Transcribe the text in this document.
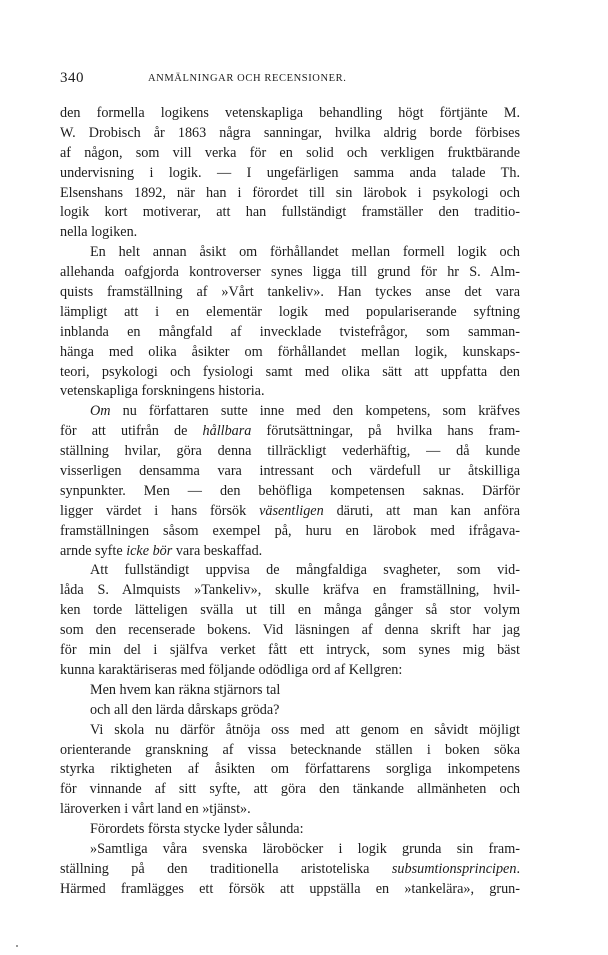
340	ANMÄLNINGAR OCH RECENSIONER.
den formella logikens vetenskapliga behandling högt förtjänte M.
W. Drobisch år 1863 några sanningar, hvilka aldrig borde förbises
af någon, som vill verka för en solid och verkligen fruktbärande
undervisning i logik. — I ungefärligen samma anda talade Th.
Elsenshans 1892, när han i förordet till sin lärobok i psykologi och
logik kort motiverar, att han fullständigt framställer den traditio-
nella logiken.
En helt annan åsikt om förhållandet mellan formell logik och
allehanda oafgjorda kontroverser synes ligga till grund för hr S. Alm-
quists framställning af »Vårt tankeliv». Han tyckes anse det vara
lämpligt att i en elementär logik med populariserande syftning
inblanda en mångfald af invecklade tvistefrågor, som samman-
hänga med olika åsikter om förhållandet mellan logik, kunskaps-
teori, psykologi och fysiologi samt med olika sätt att uppfatta den
vetenskapliga forskningens historia.
Om nu författaren sutte inne med den kompetens, som kräfves
för att utifrån de hållbara förutsättningar, på hvilka hans fram-
ställning hvilar, göra denna tillräckligt vederhäftig, — då kunde
visserligen densamma vara intressant och värdefull ur åtskilliga
synpunkter. Men — den behöfliga kompetensen saknas. Därför
ligger värdet i hans försök väsentligen däruti, att man kan anföra
framställningen såsom exempel på, huru en lärobok med ifrågava-
arnde syfte icke bör vara beskaffad.
Att fullständigt uppvisa de mångfaldiga svagheter, som vid-
låda S. Almquists »Tankeliv», skulle kräfva en framställning, hvil-
ken torde lätteligen svälla ut till en många gånger så stor volym
som den recenserade bokens. Vid läsningen af denna skrift har jag
för min del i själfva verket fått ett intryck, som synes mig bäst
kunna karaktäriseras med följande odödliga ord af Kellgren:
Men hvem kan räkna stjärnors tal
och all den lärda dårskaps gröda?
Vi skola nu därför åtnöja oss med att genom en såvidt möjligt
orienterande granskning af vissa betecknande ställen i boken söka
styrka riktigheten af åsikten om författarens sorgliga inkompetens
för vinnande af sitt syfte, att göra den tänkande allmänheten och
läroverken i vårt land en »tjänst».
Förordets första stycke lyder sålunda:
»Samtliga våra svenska läroböcker i logik grunda sin fram-
ställning på den traditionella aristoteliska subsumtionsprincipen.
Härmed framlägges ett försök att uppställa en »tankelära», grun-
